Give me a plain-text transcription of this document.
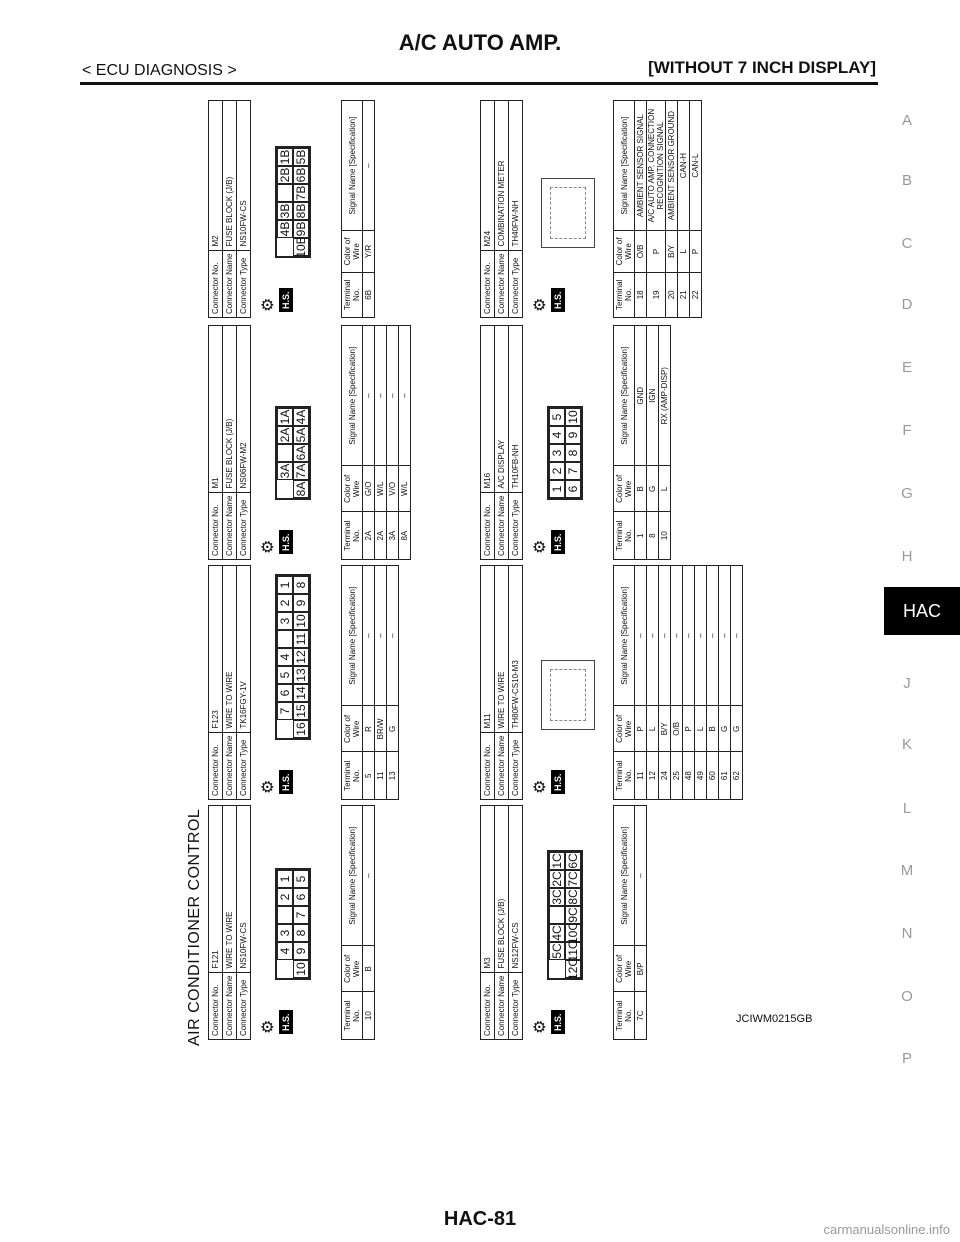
A/C AUTO AMP.
< ECU DIAGNOSIS >	[WITHOUT 7 INCH DISPLAY]
A
B
C
D
E
F
G
H
HAC
J
K
L
M
N
O
P
AIR CONDITIONER CONTROL	JCIWM0215GB
Connector No.	F121
Connector Name	WIRE TO WIRE
Connector Type	NS10FW-CS
⚙ H.S.
4
3
2
1
10
9
8
7
6
5
Terminal No.	Color of Wire	Signal Name [Specification]
10	B	–
Connector No.	F123
Connector Name	WIRE TO WIRE
Connector Type	TK16FGY-1V
⚙ H.S.
7
6
5
4
3
2
1
16
15
14
13
12
11
10
9
8
Terminal No.	Color of Wire	Signal Name [Specification]
5	R	–
11	BR/W	–
13	G	–
Connector No.	M1
Connector Name	FUSE BLOCK (J/B)
Connector Type	NS06FW-M2
⚙ H.S.
3A
2A
1A
8A
7A
6A
5A
4A
Terminal No.	Color of Wire	Signal Name [Specification]
2A	G/O	–
2A	W/L	–
3A	V/O	–
8A	W/L	–
Connector No.	M2
Connector Name	FUSE BLOCK (J/B)
Connector Type	NS10FW-CS
⚙ H.S.
4B
3B
2B
1B
10B
9B
8B
7B
6B
5B
Terminal No.	Color of Wire	Signal Name [Specification]
6B	Y/R	–
Connector No.	M3
Connector Name	FUSE BLOCK (J/B)
Connector Type	NS12FW-CS
⚙ H.S.
5C
4C
3C
2C
1C
12C
11C
10C
9C
8C
7C
6C
Terminal No.	Color of Wire	Signal Name [Specification]
7C	B/P	–
Connector No.	M11
Connector Name	WIRE TO WIRE
Connector Type	TH80FW-CS10-M3
⚙ H.S.	Terminal No.	Color of Wire	Signal Name [Specification]
11	P	–
12	L	–
24	B/Y	–
25	O/B	–
48	P	–
49	L	–
60	B	–
61	G	–
62	G	–
Connector No.	M16
Connector Name	A/C DISPLAY
Connector Type	TH10FB-NH
⚙ H.S.
1
2
3
4
5
6
7
8
9
10
Terminal No.	Color of Wire	Signal Name [Specification]
1	B	GND
8	G	IGN
10	L	RX (AMP-DISP)
Connector No.	M24
Connector Name	COMBINATION METER
Connector Type	TH40FW-NH
⚙ H.S.	Terminal No.	Color of Wire	Signal Name [Specification]
18	O/B	AMBIENT SENSOR SIGNAL
19	P	A/C AUTO AMP. CONNECTION RECOGNITION SIGNAL
20	B/Y	AMBIENT SENSOR GROUND
21	L	CAN-H
22	P	CAN-L
HAC-81	carmanualsonline.info
